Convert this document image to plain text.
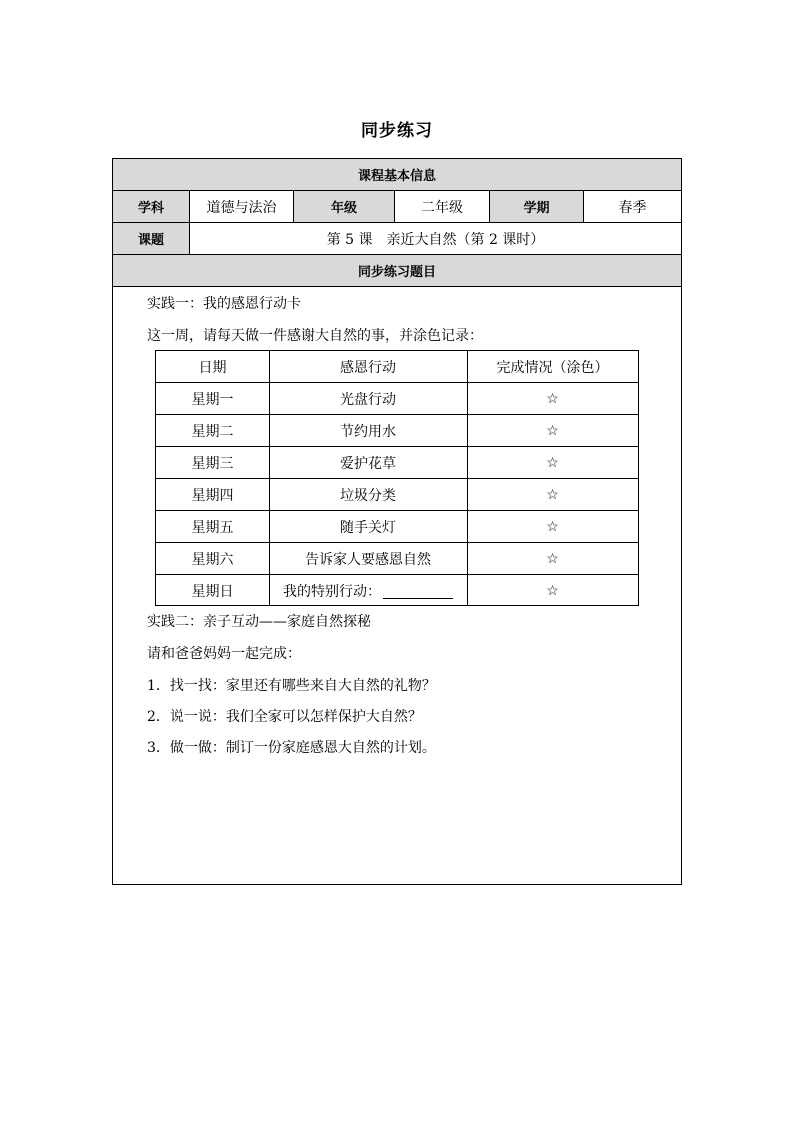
同步练习
课程基本信息
学科	道德与法治	年级	二年级	学期	春季
课题	第 5 课　亲近大自然（第 2 课时）
同步练习题目
实践一：我的感恩行动卡
这一周，请每天做一件感谢大自然的事，并涂色记录：
日期	感恩行动	完成情况（涂色）
星期一	光盘行动	☆
星期二	节约用水	☆
星期三	爱护花草	☆
星期四	垃圾分类	☆
星期五	随手关灯	☆
星期六	告诉家人要感恩自然	☆
星期日	我的特别行动：	☆
实践二：亲子互动——家庭自然探秘
请和爸爸妈妈一起完成：
1．找一找：家里还有哪些来自大自然的礼物？
2．说一说：我们全家可以怎样保护大自然？
3．做一做：制订一份家庭感恩大自然的计划。
